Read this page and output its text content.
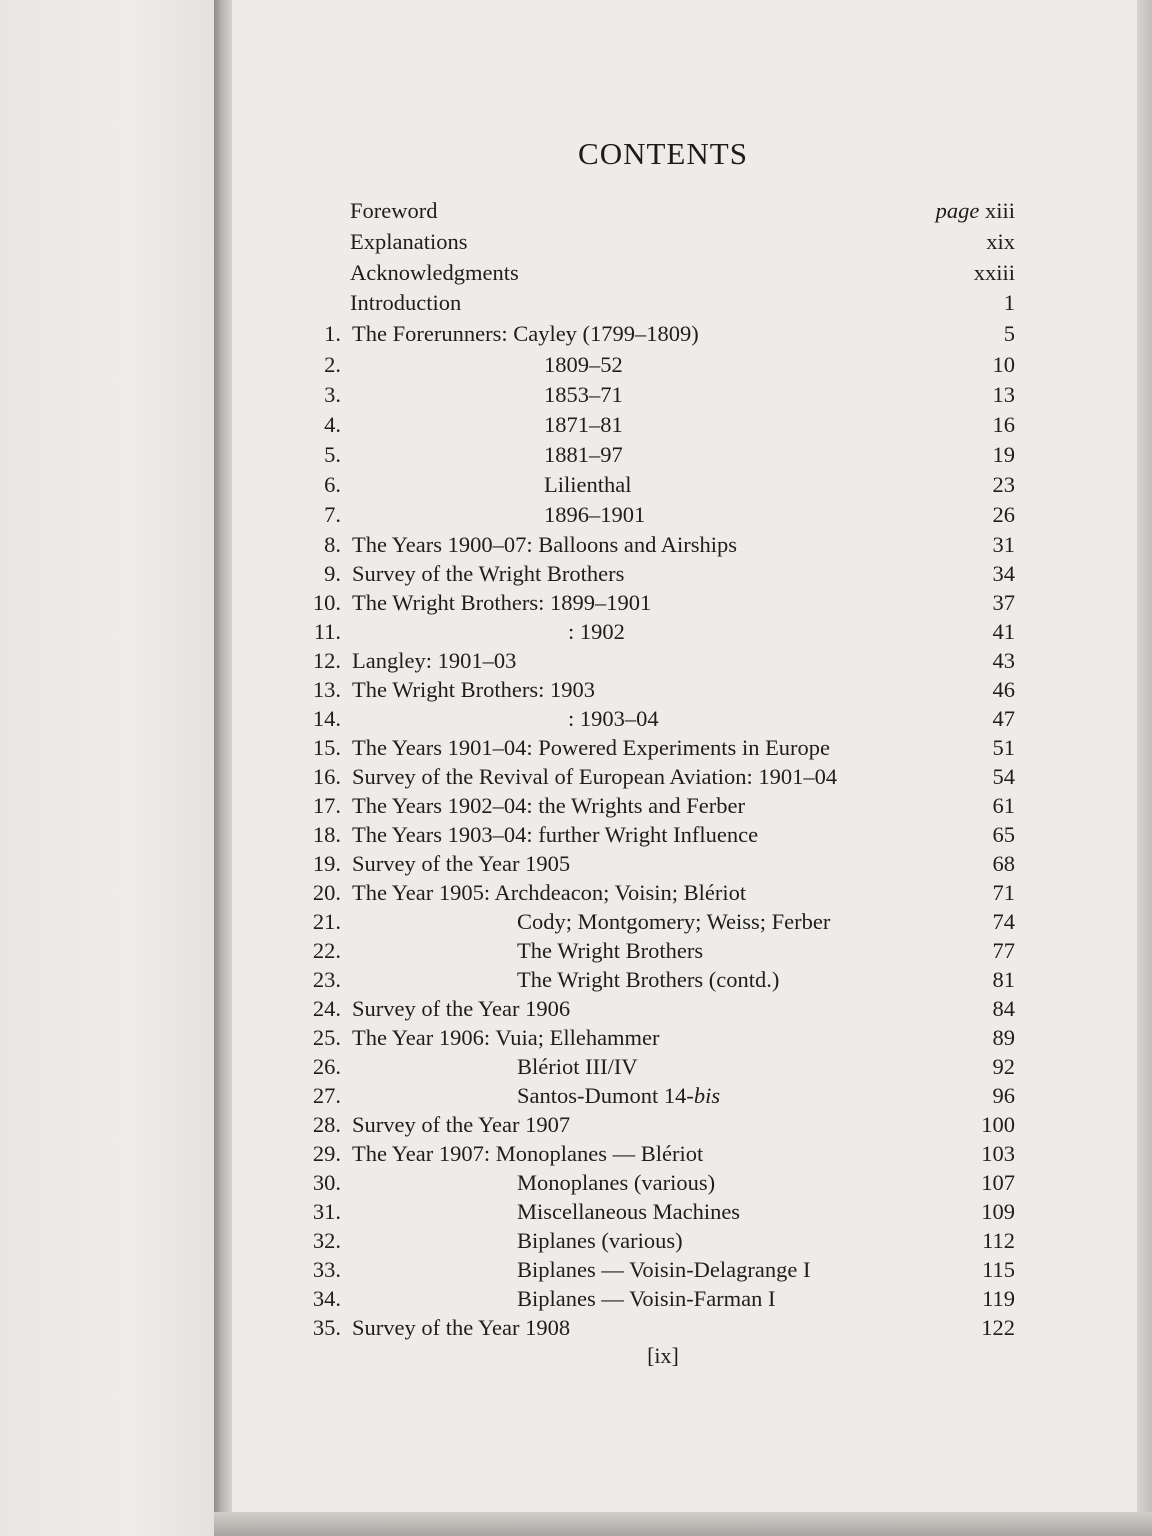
CONTENTS
Foreword	page xiii
Explanations	xix
Acknowledgments	xxiii
Introduction	1
1. The Forerunners: Cayley (1799–1809)	5
2.	1809–52	10
3.	1853–71	13
4.	1871–81	16
5.	1881–97	19
6.	Lilienthal	23
7.	1896–1901	26
8. The Years 1900–07: Balloons and Airships	31
9. Survey of the Wright Brothers	34
10. The Wright Brothers: 1899–1901	37
11.	: 1902	41
12. Langley: 1901–03	43
13. The Wright Brothers: 1903	46
14.	: 1903–04	47
15. The Years 1901–04: Powered Experiments in Europe	51
16. Survey of the Revival of European Aviation: 1901–04	54
17. The Years 1902–04: the Wrights and Ferber	61
18. The Years 1903–04: further Wright Influence	65
19. Survey of the Year 1905	68
20. The Year 1905: Archdeacon; Voisin; Blériot	71
21.	Cody; Montgomery; Weiss; Ferber	74
22.	The Wright Brothers	77
23.	The Wright Brothers (contd.)	81
24. Survey of the Year 1906	84
25. The Year 1906: Vuia; Ellehammer	89
26.	Blériot III/IV	92
27.	Santos-Dumont 14-bis	96
28. Survey of the Year 1907	100
29. The Year 1907: Monoplanes — Blériot	103
30.	Monoplanes (various)	107
31.	Miscellaneous Machines	109
32.	Biplanes (various)	112
33.	Biplanes — Voisin-Delagrange I	115
34.	Biplanes — Voisin-Farman I	119
35. Survey of the Year 1908	122
[ix]
